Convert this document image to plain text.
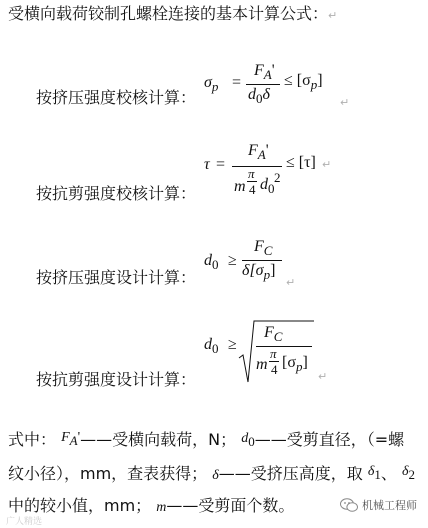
受横向载荷铰制孔螺栓连接的基本计算公式：↵
按挤压强度校核计算：
$\sigma_p$ =
$F_A'$
$d_0\delta$
≤ $[\sigma_p]$
↵
按抗剪强度校核计算：
τ =
$F_A'$
m
π
4 $d_0$
2
≤ [τ] ↵
按挤压强度设计计算：
$d_0$ ≥
$F_C$
$\delta[\sigma_p]$
↵
按抗剪强度设计计算：
$d_0$ ≥
$F_C$
m
π
4 $[\sigma_p]$
↵
式中： $F_A'——$受横向载荷，N； $d_0——$受剪直径，（=螺
纹小径），mm，查表获得； δ——受挤压高度，取 $\delta_1$、 $\delta_2$
中的较小值，mm； m——受剪面个数。	机械工程师
广人精选
